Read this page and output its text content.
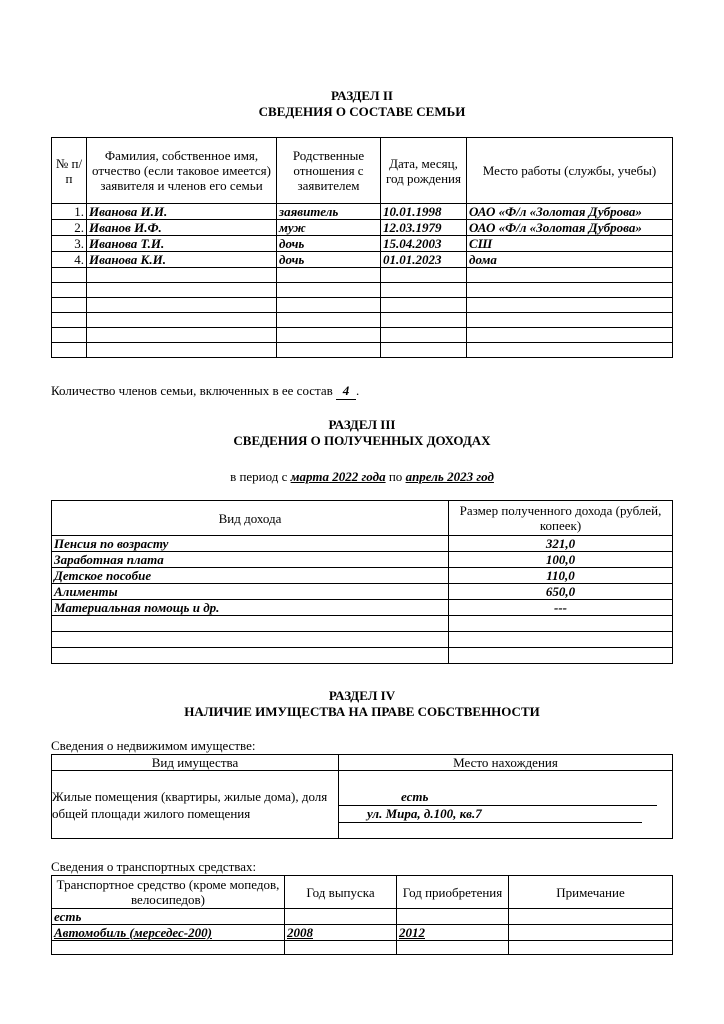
РАЗДЕЛ II
СВЕДЕНИЯ О СОСТАВЕ СЕМЬИ
№ п/п	Фамилия, собственное имя, отчество (если таковое имеется) заявителя и членов его семьи	Родственные отношения с заявителем	Дата, месяц, год рождения	Место работы (службы, учебы)
1.	Иванова И.И.	заявитель	10.01.1998	ОАО «Ф/л «Золотая Дуброва»
2.	Иванов И.Ф.	муж	12.03.1979	ОАО «Ф/л «Золотая Дуброва»
3.	Иванова Т.И.	дочь	15.04.2003	СШ
4.	Иванова К.И.	дочь	01.01.2023	дома

Количество членов семьи, включенных в ее состав 4 .
РАЗДЕЛ III
СВЕДЕНИЯ О ПОЛУЧЕННЫХ ДОХОДАХ
в период с марта 2022 года по апрель 2023 год
Вид дохода	Размер полученного дохода (рублей, копеек)
Пенсия по возрасту	321,0
Заработная плата	100,0
Детское пособие	110,0
Алименты	650,0
Материальная помощь и др.	---

РАЗДЕЛ IV
НАЛИЧИЕ ИМУЩЕСТВА НА ПРАВЕ СОБСТВЕННОСТИ
Сведения о недвижимом имуществе:
Вид имущества	Место нахождения
Жилые помещения (квартиры, жилые дома), доля общей площади жилого помещения	есть
ул. Мира, д.100, кв.7
Сведения о транспортных средствах:
Транспортное средство (кроме мопедов, велосипедов)	Год выпуска	Год приобретения	Примечание
есть			
Автомобиль (мерседес-200)	2008	2012	
